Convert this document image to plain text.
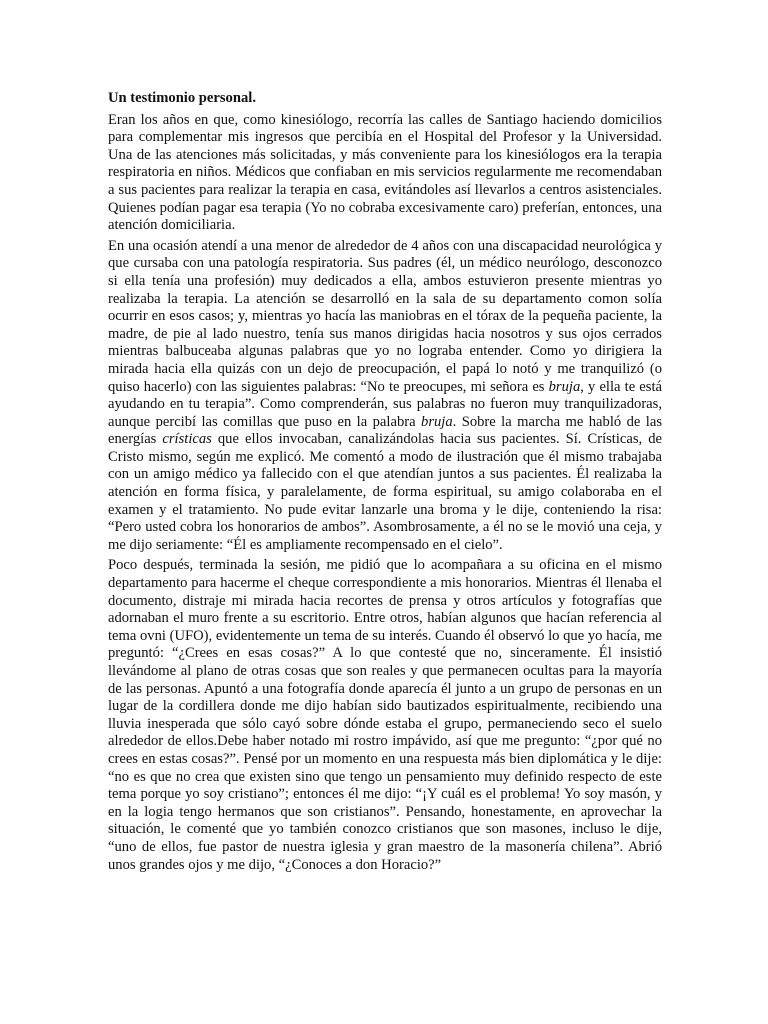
Un testimonio personal.

Eran los años en que, como kinesiólogo, recorría las calles de Santiago haciendo domicilios para complementar mis ingresos que percibía en el Hospital del Profesor y la Universidad. Una de las atenciones más solicitadas, y más conveniente para los kinesiólogos era la terapia respiratoria en niños. Médicos que confiaban en mis servicios regularmente me recomendaban a sus pacientes para realizar la terapia en casa, evitándoles así llevarlos a centros asistenciales. Quienes podían pagar esa terapia (Yo no cobraba excesivamente caro) preferían, entonces, una atención domiciliaria.

En una ocasión atendí a una menor de alrededor de 4 años con una discapacidad neurológica y que cursaba con una patología respiratoria. Sus padres (él, un médico neurólogo, desconozco si ella tenía una profesión) muy dedicados a ella, ambos estuvieron presente mientras yo realizaba la terapia. La atención se desarrolló en la sala de su departamento comon solía ocurrir en esos casos; y, mientras yo hacía las maniobras en el tórax de la pequeña paciente, la madre, de pie al lado nuestro, tenía sus manos dirigidas hacia nosotros y sus ojos cerrados mientras balbuceaba algunas palabras que yo no lograba entender. Como yo dirigiera la mirada hacia ella quizás con un dejo de preocupación, el papá lo notó y me tranquilizó (o quiso hacerlo) con las siguientes palabras: “No te preocupes, mi señora es bruja, y ella te está ayudando en tu terapia”. Como comprenderán, sus palabras no fueron muy tranquilizadoras, aunque percibí las comillas que puso en la palabra bruja. Sobre la marcha me habló de las energías crísticas que ellos invocaban, canalizándolas hacia sus pacientes. Sí. Crísticas, de Cristo mismo, según me explicó. Me comentó a modo de ilustración que él mismo trabajaba con un amigo médico ya fallecido con el que atendían juntos a sus pacientes. Él realizaba la atención en forma física, y paralelamente, de forma espiritual, su amigo colaboraba en el examen y el tratamiento. No pude evitar lanzarle una broma y le dije, conteniendo la risa: “Pero usted cobra los honorarios de ambos”. Asombrosamente, a él no se le movió una ceja, y me dijo seriamente: “Él es ampliamente recompensado en el cielo”.

Poco después, terminada la sesión, me pidió que lo acompañara a su oficina en el mismo departamento para hacerme el cheque correspondiente a mis honorarios. Mientras él llenaba el documento, distraje mi mirada hacia recortes de prensa y otros artículos y fotografías que adornaban el muro frente a su escritorio. Entre otros, habían algunos que hacían referencia al tema ovni (UFO), evidentemente un tema de su interés. Cuando él observó lo que yo hacía, me preguntó: “¿Crees en esas cosas?” A lo que contesté que no, sinceramente. Él insistió llevándome al plano de otras cosas que son reales y que permanecen ocultas para la mayoría de las personas. Apuntó a una fotografía donde aparecía él junto a un grupo de personas en un lugar de la cordillera donde me dijo habían sido bautizados espiritualmente, recibiendo una lluvia inesperada que sólo cayó sobre dónde estaba el grupo, permaneciendo seco el suelo alrededor de ellos.Debe haber notado mi rostro impávido, así que me pregunto: “¿por qué no crees en estas cosas?”. Pensé por un momento en una respuesta más bien diplomática y le dije: “no es que no crea que existen sino que tengo un pensamiento muy definido respecto de este tema porque yo soy cristiano”; entonces él me dijo: “¡Y cuál es el problema! Yo soy masón, y en la logia tengo hermanos que son cristianos”. Pensando, honestamente, en aprovechar la situación, le comenté que yo también conozco cristianos que son masones, incluso le dije, “uno de ellos, fue pastor de nuestra iglesia y gran maestro de la masonería chilena”. Abrió unos grandes ojos y me dijo, “¿Conoces a don Horacio?”
